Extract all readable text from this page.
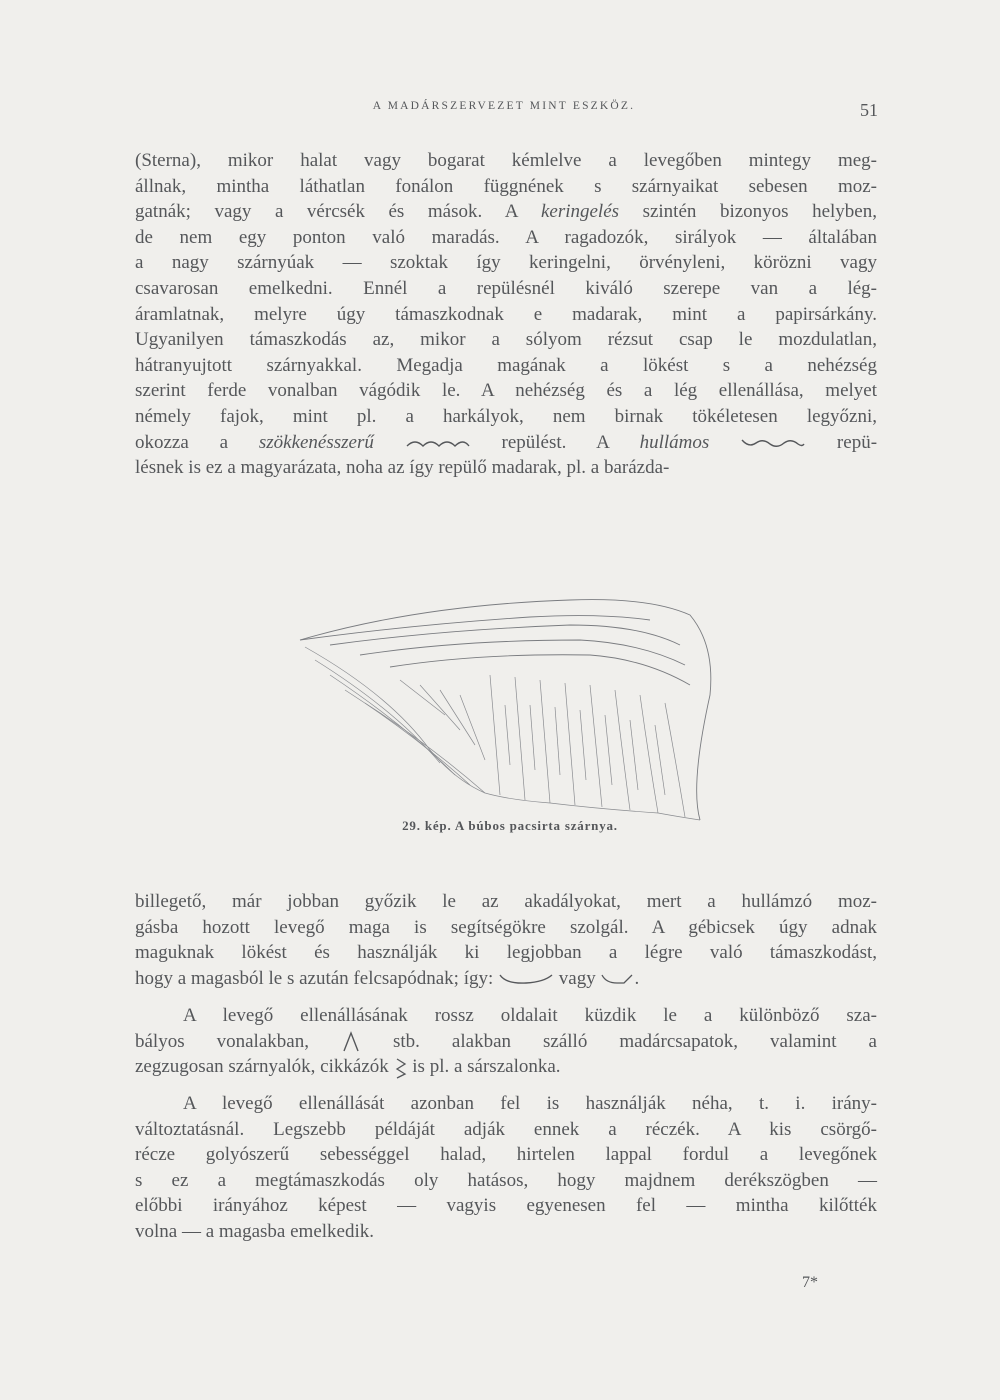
A MADÁRSZERVEZET MINT ESZKÖZ.	51
(Sterna), mikor halat vagy bogarat kémlelve a levegőben mintegy meg-
állnak, mintha láthatlan fonálon függnének s szárnyaikat sebesen moz-
gatnák; vagy a vércsék és mások. A keringelés szintén bizonyos helyben,
de nem egy ponton való maradás. A ragadozók, sirályok — általában
a nagy szárnyúak — szoktak így keringelni, örvényleni, körözni vagy
csavarosan emelkedni. Ennél a repülésnél kiváló szerepe van a lég-
áramlatnak, melyre úgy támaszkodnak e madarak, mint a papirsárkány.
Ugyanilyen támaszkodás az, mikor a sólyom rézsut csap le mozdulatlan,
hátranyujtott szárnyakkal. Megadja magának a lökést s a nehézség
szerint ferde vonalban vágódik le. A nehézség és a lég ellenállása, melyet
némely fajok, mint pl. a harkályok, nem birnak tökéletesen legyőzni,
okozza a szökkenésszerű	repülést. A hullámos	repü-
lésnek is ez a magyarázata, noha az így repülő madarak, pl. a barázda-
29. kép. A búbos pacsirta szárnya.
billegető, már jobban győzik le az akadályokat, mert a hullámzó moz-
gásba hozott levegő maga is segítségökre szolgál. A gébicsek úgy adnak
maguknak lökést és használják ki legjobban a légre való támaszkodást,
hogy a magasból le s azután felcsapódnak; így:	vagy .
A levegő ellenállásának rossz oldalait küzdik le a különböző sza-
bályos vonalakban,  stb. alakban szálló madárcsapatok, valamint a
zegzugosan szárnyalók, cikkázók  is pl. a sárszalonka.
A levegő ellenállását azonban fel is használják néha, t. i. irány-
változtatásnál. Legszebb példáját adják ennek a réczék. A kis csörgő-
récze golyószerű sebességgel halad, hirtelen lappal fordul a levegőnek
s ez a megtámaszkodás oly hatásos, hogy majdnem derékszögben —
előbbi irányához képest — vagyis egyenesen fel — mintha kilőtték
volna — a magasba emelkedik.
7*
